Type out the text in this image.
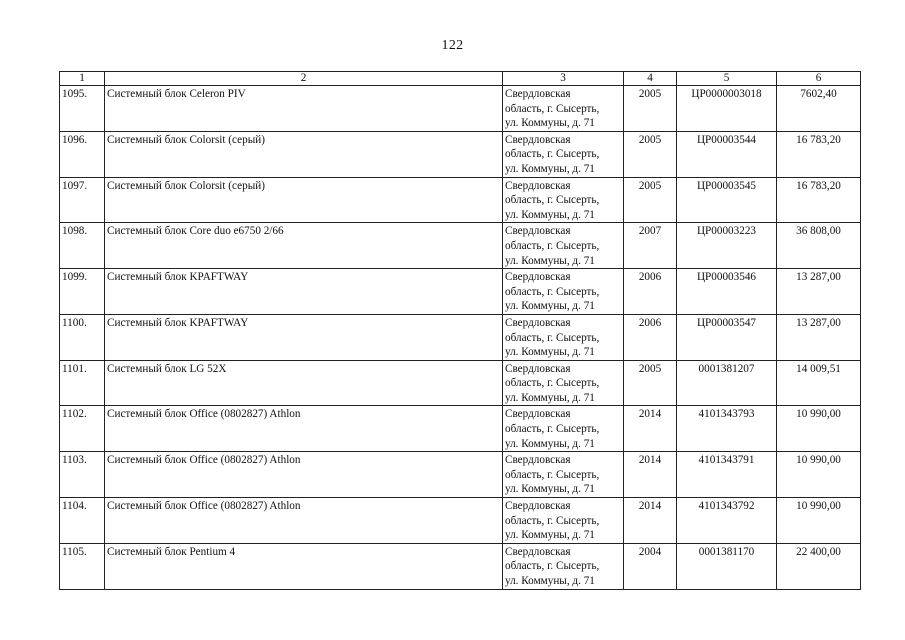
122
1	2	3	4	5	6
1095.	Системный блок Celeron PIV	Свердловская
область, г. Сысерть,
ул. Коммуны, д. 71	2005	ЦР0000003018	7602,40
1096.	Системный блок Colorsit (серый)	Свердловская
область, г. Сысерть,
ул. Коммуны, д. 71	2005	ЦР00003544	16 783,20
1097.	Системный блок Colorsit (серый)	Свердловская
область, г. Сысерть,
ул. Коммуны, д. 71	2005	ЦР00003545	16 783,20
1098.	Системный блок Core duo e6750 2/66	Свердловская
область, г. Сысерть,
ул. Коммуны, д. 71	2007	ЦР00003223	36 808,00
1099.	Системный блок KPAFTWAY	Свердловская
область, г. Сысерть,
ул. Коммуны, д. 71	2006	ЦР00003546	13 287,00
1100.	Системный блок KPAFTWAY	Свердловская
область, г. Сысерть,
ул. Коммуны, д. 71	2006	ЦР00003547	13 287,00
1101.	Системный блок LG 52X	Свердловская
область, г. Сысерть,
ул. Коммуны, д. 71	2005	0001381207	14 009,51
1102.	Системный блок Office (0802827) Athlon	Свердловская
область, г. Сысерть,
ул. Коммуны, д. 71	2014	4101343793	10 990,00
1103.	Системный блок Office (0802827) Athlon	Свердловская
область, г. Сысерть,
ул. Коммуны, д. 71	2014	4101343791	10 990,00
1104.	Системный блок Office (0802827) Athlon	Свердловская
область, г. Сысерть,
ул. Коммуны, д. 71	2014	4101343792	10 990,00
1105.	Системный блок Pentium 4	Свердловская
область, г. Сысерть,
ул. Коммуны, д. 71	2004	0001381170	22 400,00
